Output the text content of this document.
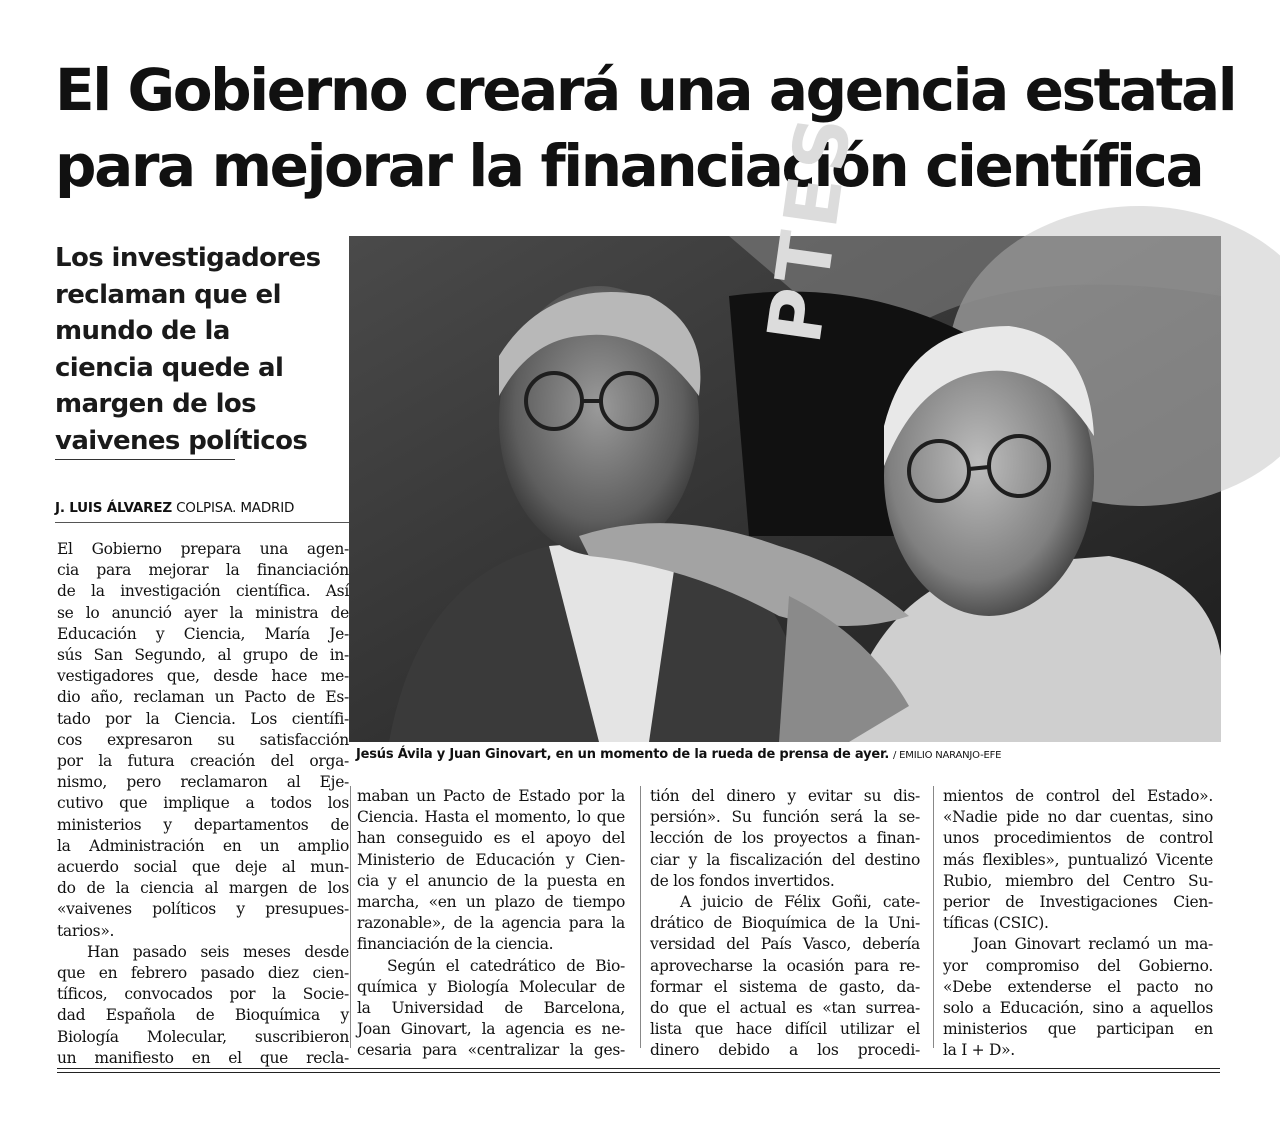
El Gobierno creará una agencia estatal
para mejorar la financiación científica
Los investigadores
reclaman que el
mundo de la
ciencia quede al
margen de los
vaivenes políticos
J. LUIS ÁLVAREZ COLPISA. MADRID
PTES
Jesús Ávila y Juan Ginovart, en un momento de la rueda de prensa de ayer. / EMILIO NARANJO-EFE
El Gobierno prepara una agen-
cia para mejorar la financiación
de la investigación científica. Así
se lo anunció ayer la ministra de
Educación y Ciencia, María Je-
sús San Segundo, al grupo de in-
vestigadores que, desde hace me-
dio año, reclaman un Pacto de Es-
tado por la Ciencia. Los científi-
cos expresaron su satisfacción
por la futura creación del orga-
nismo, pero reclamaron al Eje-
cutivo que implique a todos los
ministerios y departamentos de
la Administración en un amplio
acuerdo social que deje al mun-
do de la ciencia al margen de los
«vaivenes políticos y presupues-
tarios».
Han pasado seis meses desde
que en febrero pasado diez cien-
tíficos, convocados por la Socie-
dad Española de Bioquímica y
Biología Molecular, suscribieron
un manifiesto en el que recla-
maban un Pacto de Estado por la
Ciencia. Hasta el momento, lo que
han conseguido es el apoyo del
Ministerio de Educación y Cien-
cia y el anuncio de la puesta en
marcha, «en un plazo de tiempo
razonable», de la agencia para la
financiación de la ciencia.
Según el catedrático de Bio-
química y Biología Molecular de
la Universidad de Barcelona,
Joan Ginovart, la agencia es ne-
cesaria para «centralizar la ges-
tión del dinero y evitar su dis-
persión». Su función será la se-
lección de los proyectos a finan-
ciar y la fiscalización del destino
de los fondos invertidos.
A juicio de Félix Goñi, cate-
drático de Bioquímica de la Uni-
versidad del País Vasco, debería
aprovecharse la ocasión para re-
formar el sistema de gasto, da-
do que el actual es «tan surrea-
lista que hace difícil utilizar el
dinero debido a los procedi-
mientos de control del Estado».
«Nadie pide no dar cuentas, sino
unos procedimientos de control
más flexibles», puntualizó Vicente
Rubio, miembro del Centro Su-
perior de Investigaciones Cien-
tíficas (CSIC).
Joan Ginovart reclamó un ma-
yor compromiso del Gobierno.
«Debe extenderse el pacto no
solo a Educación, sino a aquellos
ministerios que participan en
la I + D».
